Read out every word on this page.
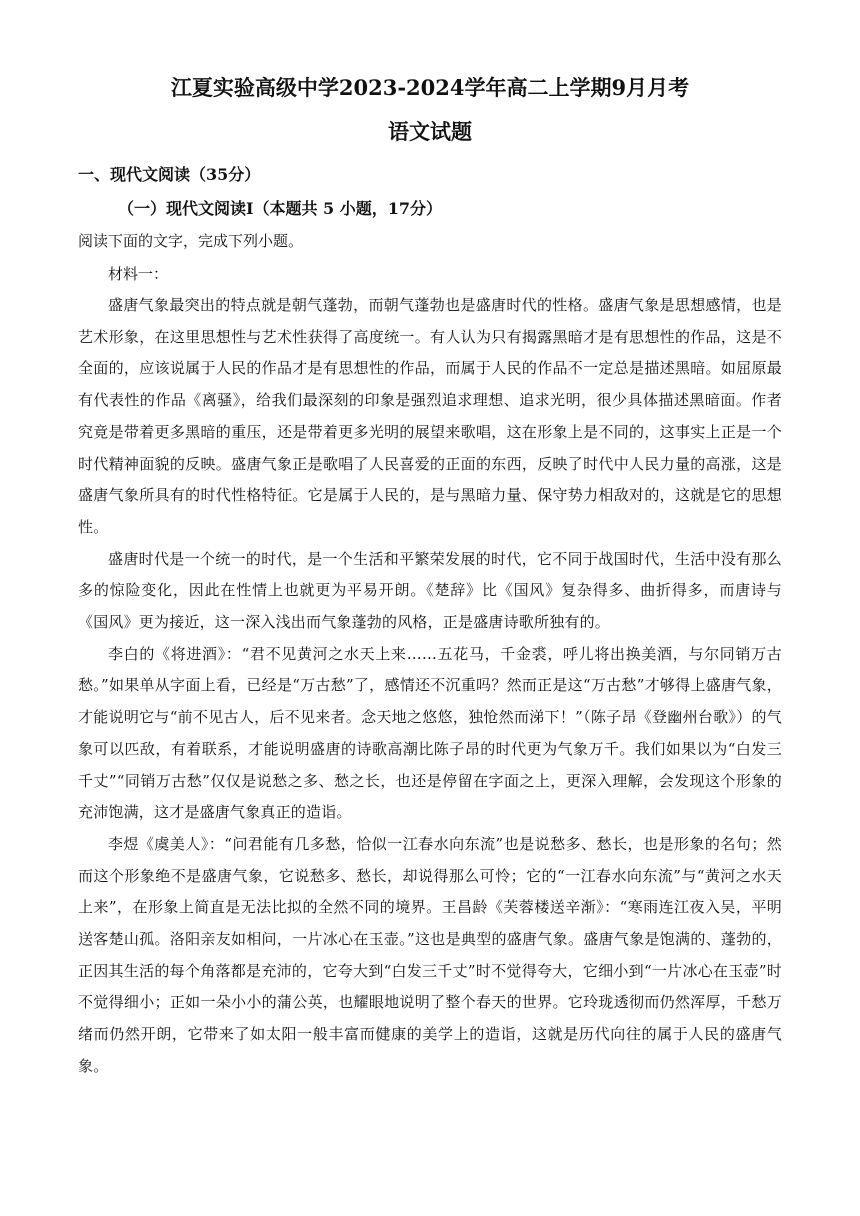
江夏实验高级中学2023-2024学年高二上学期9月月考
语文试题
一、现代文阅读（35分）
（一）现代文阅读Ⅰ（本题共 5 小题，17分）
阅读下面的文字，完成下列小题。
材料一：

盛唐气象最突出的特点就是朝气蓬勃，而朝气蓬勃也是盛唐时代的性格。盛唐气象是思想感情，也是艺术形象，在这里思想性与艺术性获得了高度统一。有人认为只有揭露黑暗才是有思想性的作品，这是不全面的，应该说属于人民的作品才是有思想性的作品，而属于人民的作品不一定总是描述黑暗。如屈原最有代表性的作品《离骚》，给我们最深刻的印象是强烈追求理想、追求光明，很少具体描述黑暗面。作者究竟是带着更多黑暗的重压，还是带着更多光明的展望来歌唱，这在形象上是不同的，这事实上正是一个时代精神面貌的反映。盛唐气象正是歌唱了人民喜爱的正面的东西，反映了时代中人民力量的高涨，这是盛唐气象所具有的时代性格特征。它是属于人民的，是与黑暗力量、保守势力相敌对的，这就是它的思想性。

盛唐时代是一个统一的时代，是一个生活和平繁荣发展的时代，它不同于战国时代，生活中没有那么多的惊险变化，因此在性情上也就更为平易开朗。《楚辞》比《国风》复杂得多、曲折得多，而唐诗与《国风》更为接近，这一深入浅出而气象蓬勃的风格，正是盛唐诗歌所独有的。

李白的《将进酒》：“君不见黄河之水天上来……五花马，千金裘，呼儿将出换美酒，与尔同销万古愁。”如果单从字面上看，已经是“万古愁”了，感情还不沉重吗？然而正是这“万古愁”才够得上盛唐气象，才能说明它与“前不见古人，后不见来者。念天地之悠悠，独怆然而涕下！”（陈子昂《登幽州台歌》）的气象可以匹敌，有着联系，才能说明盛唐的诗歌高潮比陈子昂的时代更为气象万千。我们如果以为“白发三千丈”“同销万古愁”仅仅是说愁之多、愁之长，也还是停留在字面之上，更深入理解，会发现这个形象的充沛饱满，这才是盛唐气象真正的造诣。

李煜《虞美人》：“问君能有几多愁，恰似一江春水向东流”也是说愁多、愁长，也是形象的名句；然而这个形象绝不是盛唐气象，它说愁多、愁长，却说得那么可怜；它的“一江春水向东流”与“黄河之水天上来”，在形象上简直是无法比拟的全然不同的境界。王昌龄《芙蓉楼送辛渐》：“寒雨连江夜入吴，平明送客楚山孤。洛阳亲友如相问，一片冰心在玉壶。”这也是典型的盛唐气象。盛唐气象是饱满的、蓬勃的，正因其生活的每个角落都是充沛的，它夸大到“白发三千丈”时不觉得夸大，它细小到“一片冰心在玉壶”时不觉得细小；正如一朵小小的蒲公英，也耀眼地说明了整个春天的世界。它玲珑透彻而仍然浑厚，千愁万绪而仍然开朗，它带来了如太阳一般丰富而健康的美学上的造诣，这就是历代向往的属于人民的盛唐气象。
